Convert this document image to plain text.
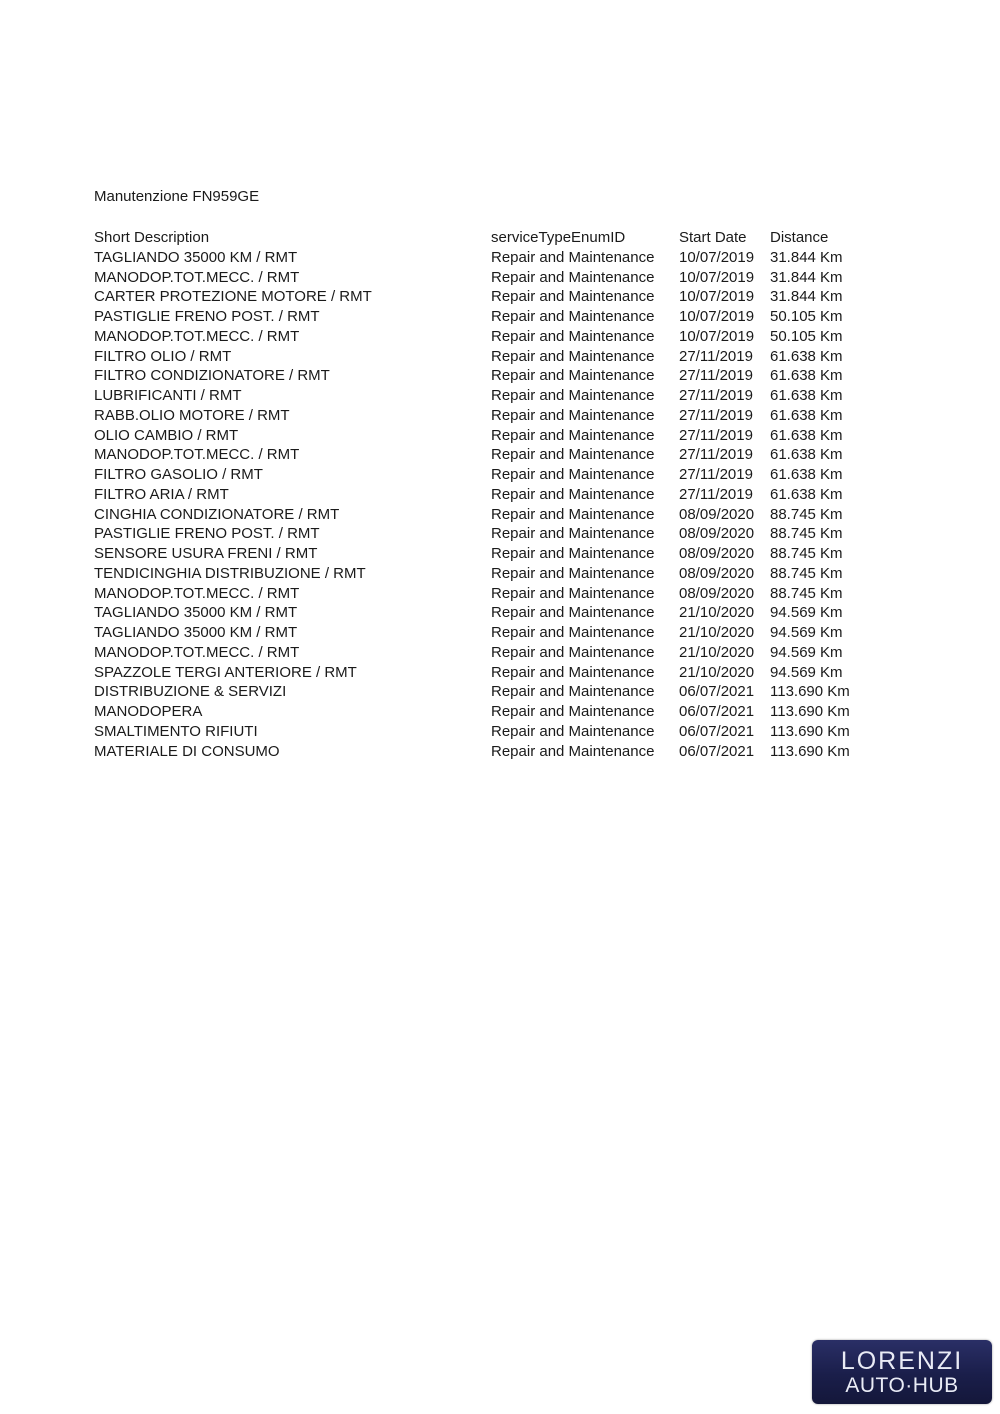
Manutenzione FN959GE
Short Description	serviceTypeEnumID	Start Date Distance
TAGLIANDO 35000 KM / RMT	Repair and Maintenance 10/07/2019 31.844 Km
MANODOP.TOT.MECC. / RMT	Repair and Maintenance 10/07/2019 31.844 Km
CARTER PROTEZIONE MOTORE / RMT	Repair and Maintenance 10/07/2019 31.844 Km
PASTIGLIE FRENO POST. / RMT	Repair and Maintenance 10/07/2019 50.105 Km
MANODOP.TOT.MECC. / RMT	Repair and Maintenance 10/07/2019 50.105 Km
FILTRO OLIO / RMT	Repair and Maintenance 27/11/2019 61.638 Km
FILTRO CONDIZIONATORE / RMT	Repair and Maintenance 27/11/2019 61.638 Km
LUBRIFICANTI / RMT	Repair and Maintenance 27/11/2019 61.638 Km
RABB.OLIO MOTORE / RMT	Repair and Maintenance 27/11/2019 61.638 Km
OLIO CAMBIO / RMT	Repair and Maintenance 27/11/2019 61.638 Km
MANODOP.TOT.MECC. / RMT	Repair and Maintenance 27/11/2019 61.638 Km
FILTRO GASOLIO / RMT	Repair and Maintenance 27/11/2019 61.638 Km
FILTRO ARIA / RMT	Repair and Maintenance 27/11/2019 61.638 Km
CINGHIA CONDIZIONATORE / RMT	Repair and Maintenance 08/09/2020 88.745 Km
PASTIGLIE FRENO POST. / RMT	Repair and Maintenance 08/09/2020 88.745 Km
SENSORE USURA FRENI / RMT	Repair and Maintenance 08/09/2020 88.745 Km
TENDICINGHIA DISTRIBUZIONE / RMT	Repair and Maintenance 08/09/2020 88.745 Km
MANODOP.TOT.MECC. / RMT	Repair and Maintenance 08/09/2020 88.745 Km
TAGLIANDO 35000 KM / RMT	Repair and Maintenance 21/10/2020 94.569 Km
TAGLIANDO 35000 KM / RMT	Repair and Maintenance 21/10/2020 94.569 Km
MANODOP.TOT.MECC. / RMT	Repair and Maintenance 21/10/2020 94.569 Km
SPAZZOLE TERGI ANTERIORE / RMT	Repair and Maintenance 21/10/2020 94.569 Km
DISTRIBUZIONE & SERVIZI	Repair and Maintenance 06/07/2021 113.690 Km
MANODOPERA	Repair and Maintenance 06/07/2021 113.690 Km
SMALTIMENTO RIFIUTI	Repair and Maintenance 06/07/2021 113.690 Km
MATERIALE DI CONSUMO	Repair and Maintenance 06/07/2021 113.690 Km
LORENZI
AUTO·HUB
